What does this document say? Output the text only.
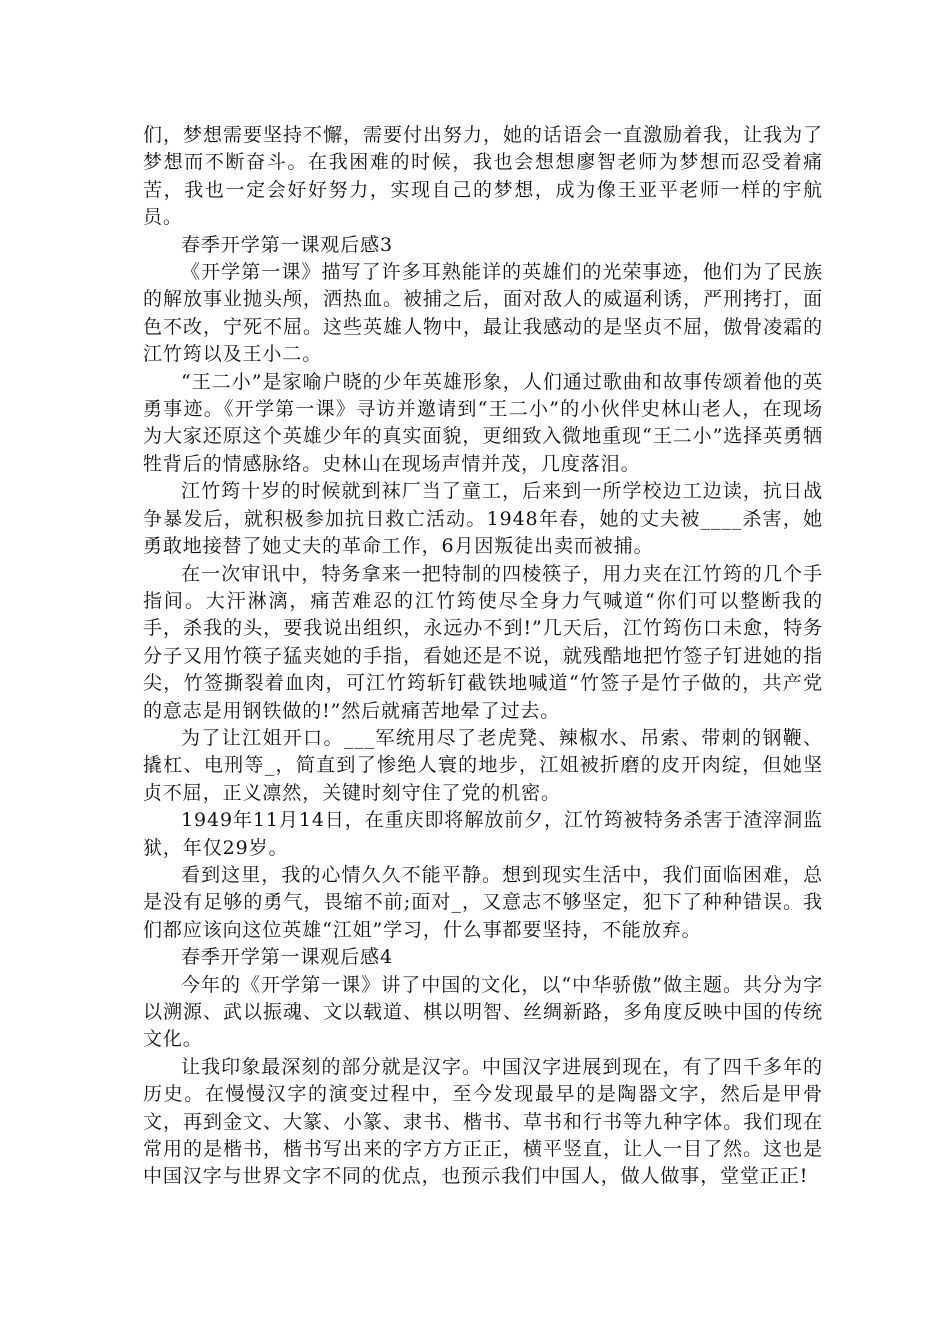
们，梦想需要坚持不懈，需要付出努力，她的话语会一直激励着我，让我为了梦想而不断奋斗。在我困难的时候，我也会想想廖智老师为梦想而忍受着痛苦，我也一定会好好努力，实现自己的梦想，成为像王亚平老师一样的宇航员。

春季开学第一课观后感3

《开学第一课》描写了许多耳熟能详的英雄们的光荣事迹，他们为了民族的解放事业抛头颅，洒热血。被捕之后，面对敌人的威逼利诱，严刑拷打，面色不改，宁死不屈。这些英雄人物中，最让我感动的是坚贞不屈，傲骨凌霜的江竹筠以及王小二。

“王二小”是家喻户晓的少年英雄形象，人们通过歌曲和故事传颂着他的英勇事迹。《开学第一课》寻访并邀请到“王二小”的小伙伴史林山老人，在现场为大家还原这个英雄少年的真实面貌，更细致入微地重现“王二小”选择英勇牺牲背后的情感脉络。史林山在现场声情并茂，几度落泪。

江竹筠十岁的时候就到袜厂当了童工，后来到一所学校边工边读，抗日战争暴发后，就积极参加抗日救亡活动。1948年春，她的丈夫被____杀害，她勇敢地接替了她丈夫的革命工作，6月因叛徒出卖而被捕。

在一次审讯中，特务拿来一把特制的四棱筷子，用力夹在江竹筠的几个手指间。大汗淋漓，痛苦难忍的江竹筠使尽全身力气喊道“你们可以整断我的手，杀我的头，要我说出组织，永远办不到!”几天后，江竹筠伤口未愈，特务分子又用竹筷子猛夹她的手指，看她还是不说，就残酷地把竹签子钉进她的指尖，竹签撕裂着血肉，可江竹筠斩钉截铁地喊道“竹签子是竹子做的，共产党的意志是用钢铁做的!”然后就痛苦地晕了过去。

为了让江姐开口。___军统用尽了老虎凳、辣椒水、吊索、带刺的钢鞭、撬杠、电刑等_，简直到了惨绝人寰的地步，江姐被折磨的皮开肉绽，但她坚贞不屈，正义凛然，关键时刻守住了党的机密。

1949年11月14日，在重庆即将解放前夕，江竹筠被特务杀害于渣滓洞监狱，年仅29岁。

看到这里，我的心情久久不能平静。想到现实生活中，我们面临困难，总是没有足够的勇气，畏缩不前;面对_，又意志不够坚定，犯下了种种错误。我们都应该向这位英雄“江姐”学习，什么事都要坚持，不能放弃。

春季开学第一课观后感4

今年的《开学第一课》讲了中国的文化，以“中华骄傲”做主题。共分为字以溯源、武以振魂、文以载道、棋以明智、丝绸新路，多角度反映中国的传统文化。

让我印象最深刻的部分就是汉字。中国汉字进展到现在，有了四千多年的历史。在慢慢汉字的演变过程中，至今发现最早的是陶器文字，然后是甲骨文，再到金文、大篆、小篆、隶书、楷书、草书和行书等九种字体。我们现在常用的是楷书，楷书写出来的字方方正正，横平竖直，让人一目了然。这也是中国汉字与世界文字不同的优点，也预示我们中国人，做人做事，堂堂正正!
